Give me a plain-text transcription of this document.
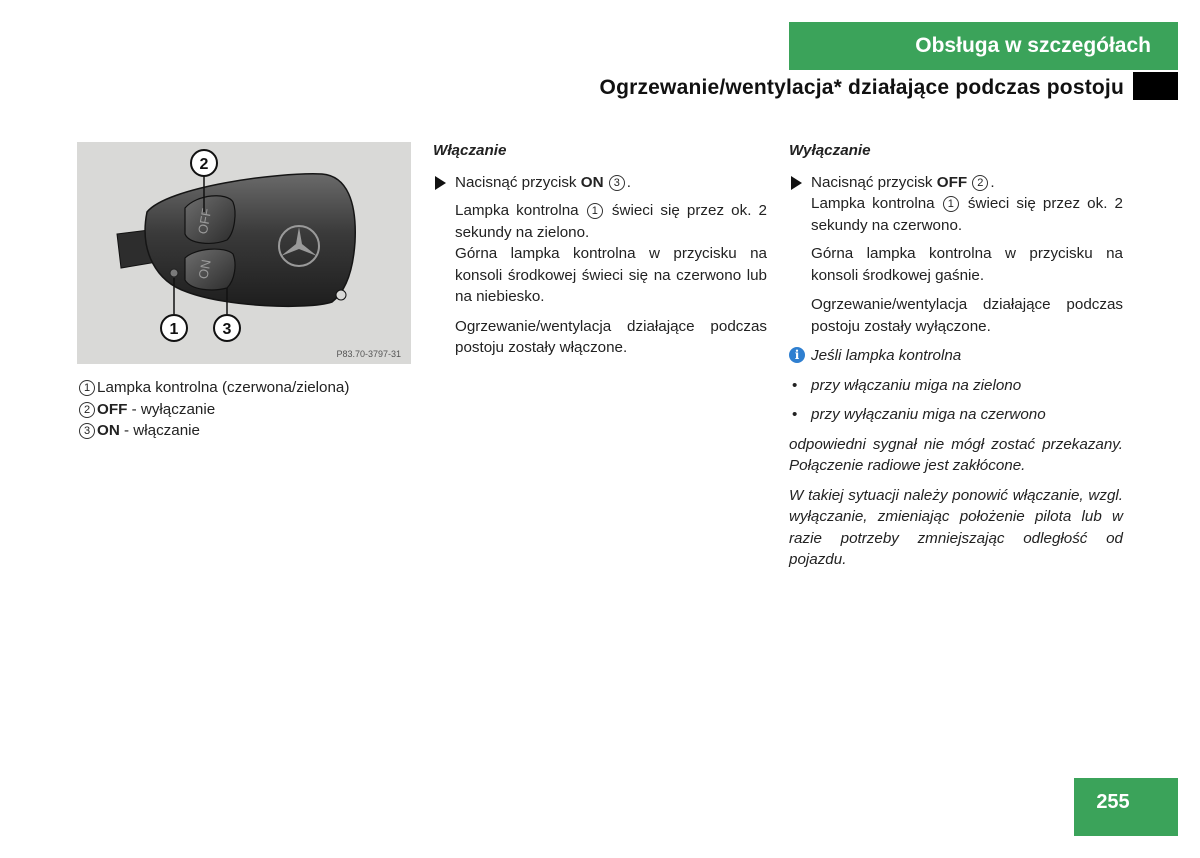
Obsługa w szczegółach
Ogrzewanie/wentylacja* działające podczas postoju
OFF
ON
2
1	3
P83.70-3797-31
1 Lampka kontrolna (czerwona/zielona)
2 OFF - wyłączanie
3 ON - włączanie
Włączanie
Nacisnąć przycisk ON 3 .
Lampka kontrolna 1 świeci się przez ok. 2 sekundy na zielono.
Górna lampka kontrolna w przycisku na konsoli środkowej świeci się na czerwono lub na niebiesko.
Ogrzewanie/wentylacja działające podczas postoju zostały włączone.
Wyłączanie
Nacisnąć przycisk OFF 2 .
Lampka kontrolna 1 świeci się przez ok. 2 sekundy na czerwono.
Górna lampka kontrolna w przycisku na konsoli środkowej gaśnie.
Ogrzewanie/wentylacja działające podczas postoju zostały wyłączone.
i Jeśli lampka kontrolna
• przy włączaniu miga na zielono
• przy wyłączaniu miga na czerwono
odpowiedni sygnał nie mógł zostać przekazany. Połączenie radiowe jest zakłócone.
W takiej sytuacji należy ponowić włączanie, wzgl. wyłączanie, zmieniając położenie pilota lub w razie potrzeby zmniejszając odległość od pojazdu.
255
